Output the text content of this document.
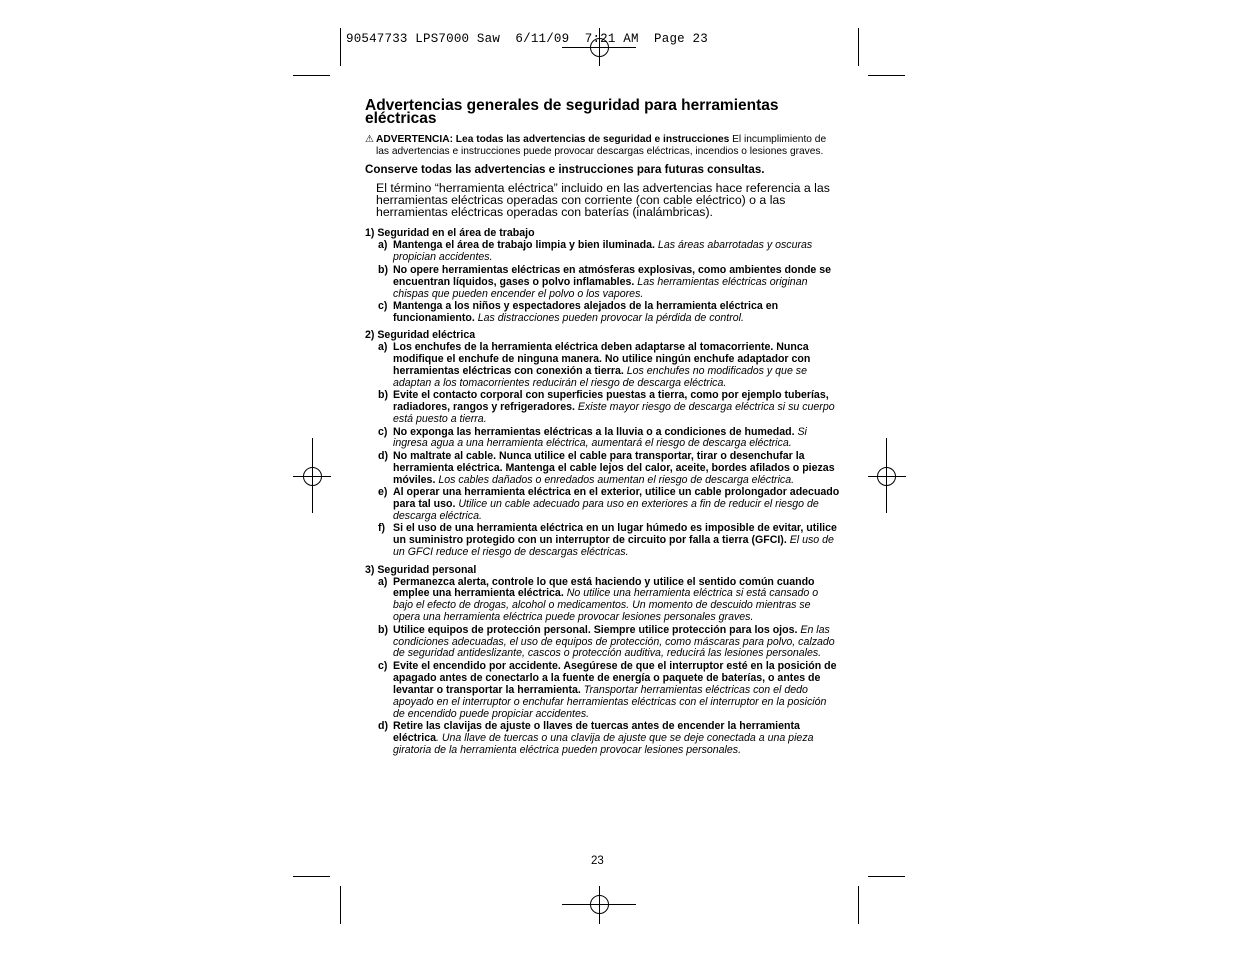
90547733 LPS7000 Saw  6/11/09  7:21 AM  Page 23
Advertencias generales de seguridad para herramientas eléctricas
⚠ ADVERTENCIA: Lea todas las advertencias de seguridad e instrucciones El incumplimiento de las advertencias e instrucciones puede provocar descargas eléctricas, incendios o lesiones graves.
Conserve todas las advertencias e instrucciones para futuras consultas.
El término “herramienta eléctrica” incluido en las advertencias hace referencia a las herramientas eléctricas operadas con corriente (con cable eléctrico) o a las herramientas eléctricas operadas con baterías (inalámbricas).
1) Seguridad en el área de trabajo
a) Mantenga el área de trabajo limpia y bien iluminada. Las áreas abarrotadas y oscuras propician accidentes.
b) No opere herramientas eléctricas en atmósferas explosivas, como ambientes donde se encuentran líquidos, gases o polvo inflamables. Las herramientas eléctricas originan chispas que pueden encender el polvo o los vapores.
c) Mantenga a los niños y espectadores alejados de la herramienta eléctrica en funcionamiento. Las distracciones pueden provocar la pérdida de control.
2) Seguridad eléctrica
a) Los enchufes de la herramienta eléctrica deben adaptarse al tomacorriente. Nunca modifique el enchufe de ninguna manera. No utilice ningún enchufe adaptador con herramientas eléctricas con conexión a tierra. Los enchufes no modificados y que se adaptan a los tomacorrientes reducirán el riesgo de descarga eléctrica.
b) Evite el contacto corporal con superficies puestas a tierra, como por ejemplo tuberías, radiadores, rangos y refrigeradores. Existe mayor riesgo de descarga eléctrica si su cuerpo está puesto a tierra.
c) No exponga las herramientas eléctricas a la lluvia o a condiciones de humedad. Si ingresa agua a una herramienta eléctrica, aumentará el riesgo de descarga eléctrica.
d) No maltrate al cable. Nunca utilice el cable para transportar, tirar o desenchufar la herramienta eléctrica. Mantenga el cable lejos del calor, aceite, bordes afilados o piezas móviles. Los cables dañados o enredados aumentan el riesgo de descarga eléctrica.
e) Al operar una herramienta eléctrica en el exterior, utilice un cable prolongador adecuado para tal uso. Utilice un cable adecuado para uso en exteriores a fin de reducir el riesgo de descarga eléctrica.
f) Si el uso de una herramienta eléctrica en un lugar húmedo es imposible de evitar, utilice un suministro protegido con un interruptor de circuito por falla a tierra (GFCI). El uso de un GFCI reduce el riesgo de descargas eléctricas.
3) Seguridad personal
a) Permanezca alerta, controle lo que está haciendo y utilice el sentido común cuando emplee una herramienta eléctrica. No utilice una herramienta eléctrica si está cansado o bajo el efecto de drogas, alcohol o medicamentos. Un momento de descuido mientras se opera una herramienta eléctrica puede provocar lesiones personales graves.
b) Utilice equipos de protección personal. Siempre utilice protección para los ojos. En las condiciones adecuadas, el uso de equipos de protección, como máscaras para polvo, calzado de seguridad antideslizante, cascos o protección auditiva, reducirá las lesiones personales.
c) Evite el encendido por accidente. Asegúrese de que el interruptor esté en la posición de apagado antes de conectarlo a la fuente de energía o paquete de baterías, o antes de levantar o transportar la herramienta. Transportar herramientas eléctricas con el dedo apoyado en el interruptor o enchufar herramientas eléctricas con el interruptor en la posición de encendido puede propiciar accidentes.
d) Retire las clavijas de ajuste o llaves de tuercas antes de encender la herramienta eléctrica. Una llave de tuercas o una clavija de ajuste que se deje conectada a una pieza giratoria de la herramienta eléctrica pueden provocar lesiones personales.
23
